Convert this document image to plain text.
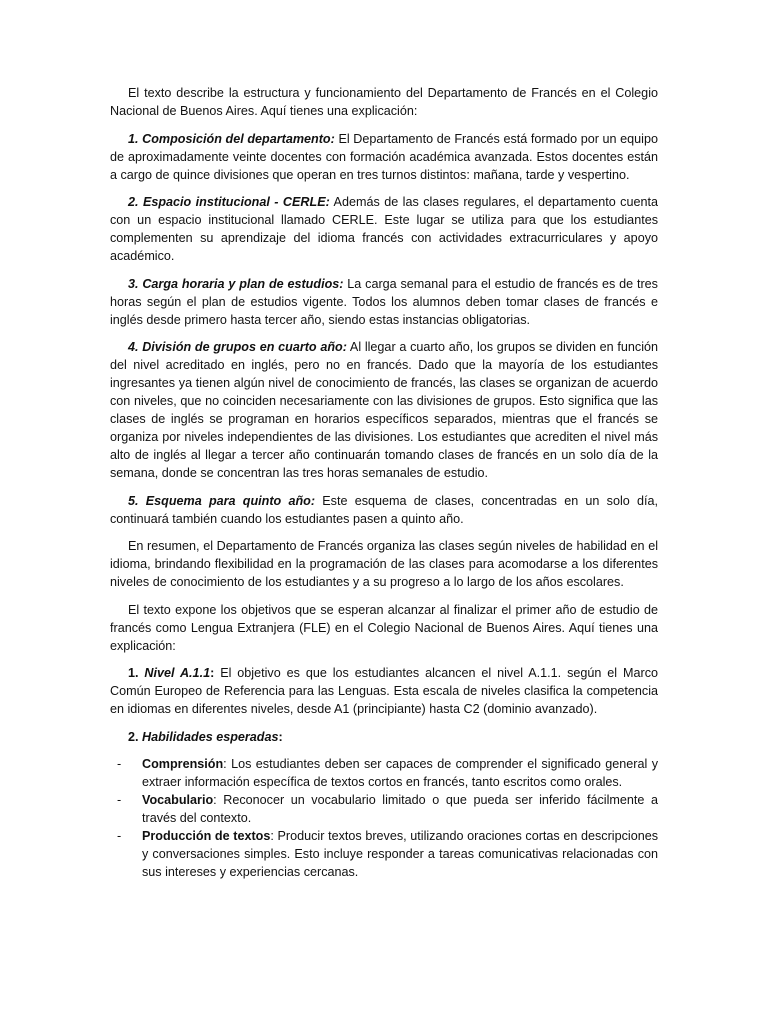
El texto describe la estructura y funcionamiento del Departamento de Francés en el Colegio Nacional de Buenos Aires. Aquí tienes una explicación:

1. Composición del departamento: El Departamento de Francés está formado por un equipo de aproximadamente veinte docentes con formación académica avanzada. Estos docentes están a cargo de quince divisiones que operan en tres turnos distintos: mañana, tarde y vespertino.

2. Espacio institucional - CERLE: Además de las clases regulares, el departamento cuenta con un espacio institucional llamado CERLE. Este lugar se utiliza para que los estudiantes complementen su aprendizaje del idioma francés con actividades extracurriculares y apoyo académico.

3. Carga horaria y plan de estudios: La carga semanal para el estudio de francés es de tres horas según el plan de estudios vigente. Todos los alumnos deben tomar clases de francés e inglés desde primero hasta tercer año, siendo estas instancias obligatorias.

4. División de grupos en cuarto año: Al llegar a cuarto año, los grupos se dividen en función del nivel acreditado en inglés, pero no en francés. Dado que la mayoría de los estudiantes ingresantes ya tienen algún nivel de conocimiento de francés, las clases se organizan de acuerdo con niveles, que no coinciden necesariamente con las divisiones de grupos. Esto significa que las clases de inglés se programan en horarios específicos separados, mientras que el francés se organiza por niveles independientes de las divisiones. Los estudiantes que acrediten el nivel más alto de inglés al llegar a tercer año continuarán tomando clases de francés en un solo día de la semana, donde se concentran las tres horas semanales de estudio.

5. Esquema para quinto año: Este esquema de clases, concentradas en un solo día, continuará también cuando los estudiantes pasen a quinto año.

En resumen, el Departamento de Francés organiza las clases según niveles de habilidad en el idioma, brindando flexibilidad en la programación de las clases para acomodarse a los diferentes niveles de conocimiento de los estudiantes y a su progreso a lo largo de los años escolares.

El texto expone los objetivos que se esperan alcanzar al finalizar el primer año de estudio de francés como Lengua Extranjera (FLE) en el Colegio Nacional de Buenos Aires. Aquí tienes una explicación:

1. Nivel A.1.1: El objetivo es que los estudiantes alcancen el nivel A.1.1. según el Marco Común Europeo de Referencia para las Lenguas. Esta escala de niveles clasifica la competencia en idiomas en diferentes niveles, desde A1 (principiante) hasta C2 (dominio avanzado).

2. Habilidades esperadas:

- Comprensión: Los estudiantes deben ser capaces de comprender el significado general y extraer información específica de textos cortos en francés, tanto escritos como orales.
- Vocabulario: Reconocer un vocabulario limitado o que pueda ser inferido fácilmente a través del contexto.
- Producción de textos: Producir textos breves, utilizando oraciones cortas en descripciones y conversaciones simples. Esto incluye responder a tareas comunicativas relacionadas con sus intereses y experiencias cercanas.
